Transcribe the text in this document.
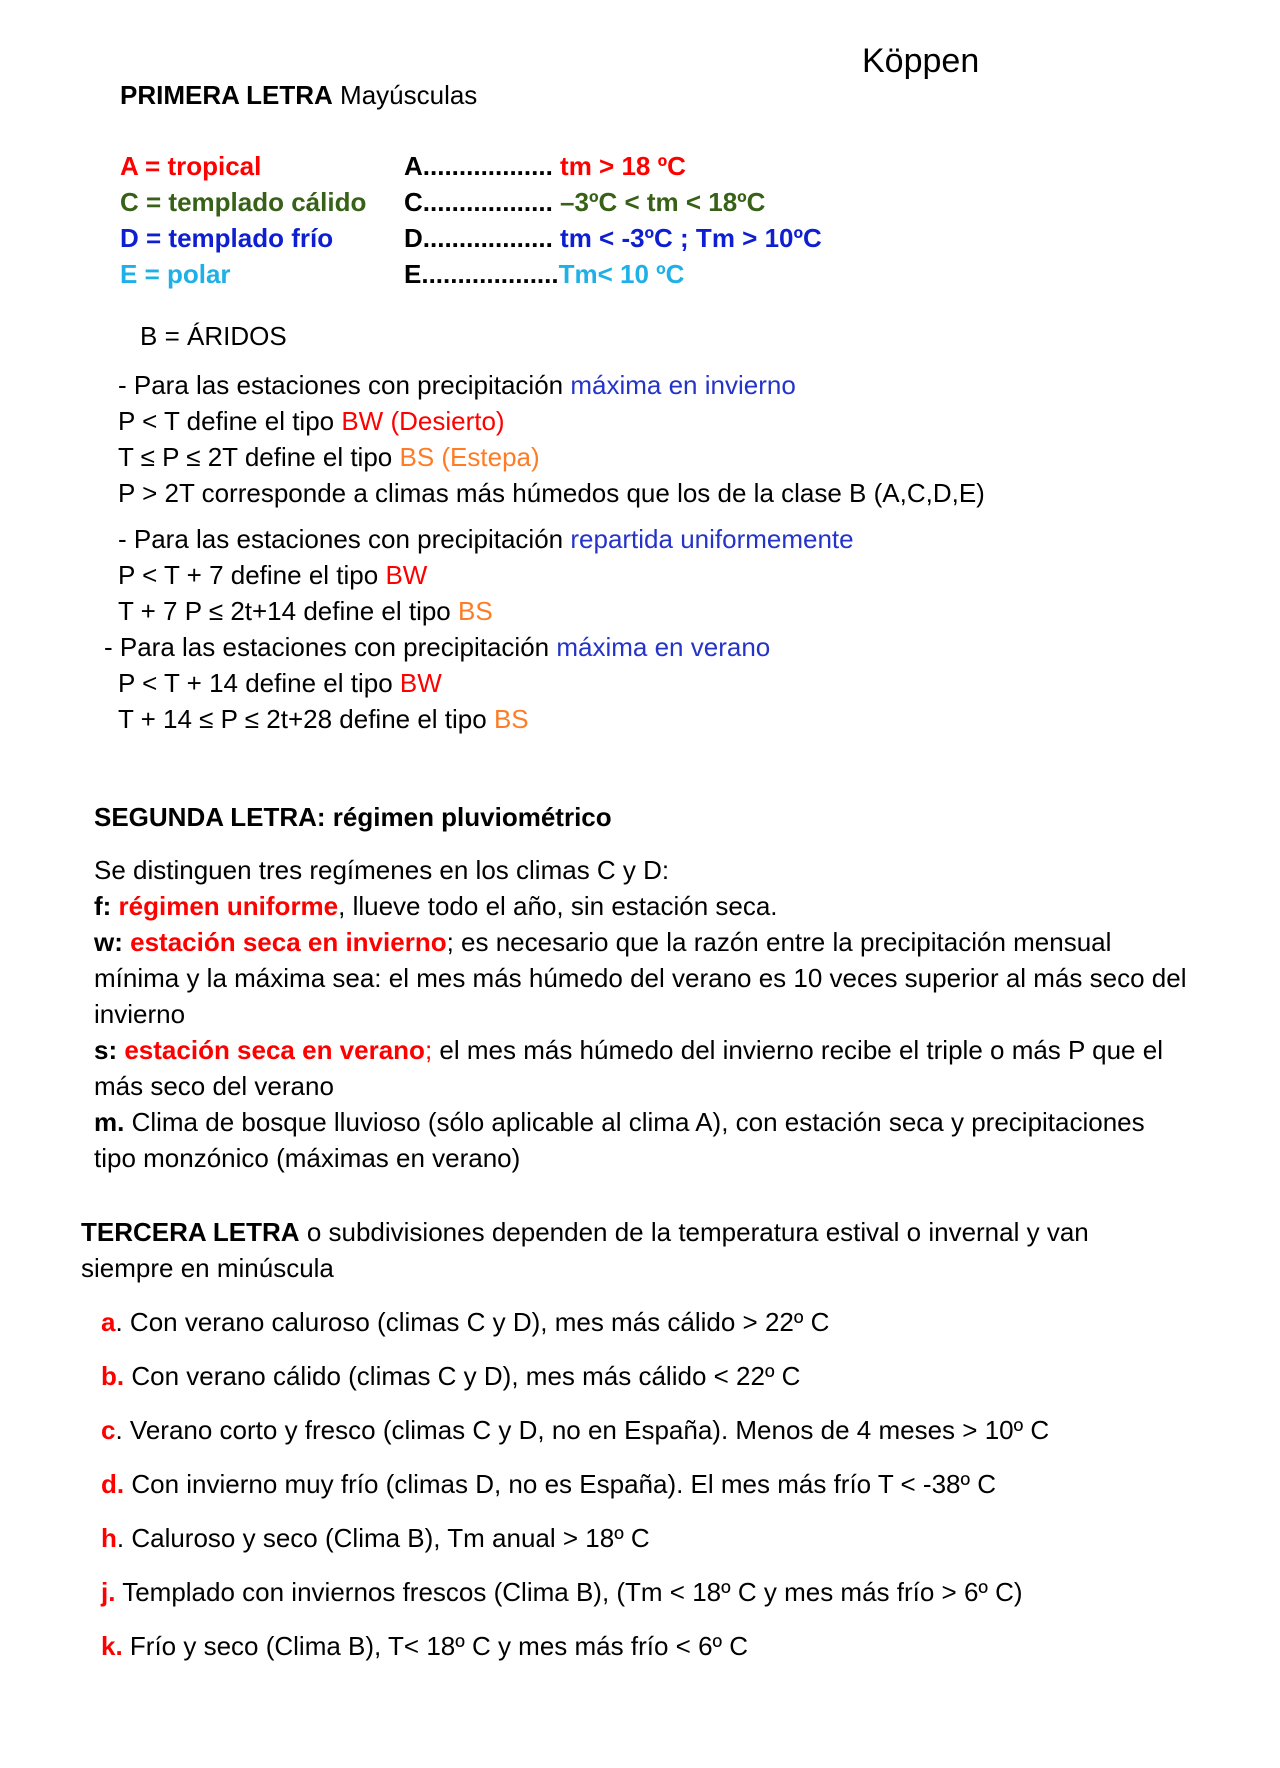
Köppen
PRIMERA LETRA Mayúsculas
A = tropical
C = templado cálido
D = templado frío
E = polar
A.................. tm > 18 ºC
C.................. –3ºC < tm < 18ºC
D.................. tm < -3ºC ; Tm > 10ºC
E...................Tm< 10 ºC
B = ÁRIDOS
- Para las estaciones con precipitación máxima en invierno
P < T define el tipo BW (Desierto)
T ≤ P ≤ 2T define el tipo BS (Estepa)
P > 2T corresponde a climas más húmedos que los de la clase B (A,C,D,E)
- Para las estaciones con precipitación repartida uniformemente
P < T + 7 define el tipo BW
T + 7 P ≤ 2t+14 define el tipo BS
- Para las estaciones con precipitación máxima en verano
P < T + 14 define el tipo BW
T + 14 ≤ P ≤ 2t+28 define el tipo BS
SEGUNDA LETRA: régimen pluviométrico
Se distinguen tres regímenes en los climas C y D:
f: régimen uniforme, llueve todo el año, sin estación seca.
w: estación seca en invierno; es necesario que la razón entre la precipitación mensual
mínima y la máxima sea: el mes más húmedo del verano es 10 veces superior al más seco del
invierno
s: estación seca en verano; el mes más húmedo del invierno recibe el triple o más P que el
más seco del verano
m. Clima de bosque lluvioso (sólo aplicable al clima A), con estación seca y precipitaciones
tipo monzónico (máximas en verano)
TERCERA LETRA o subdivisiones dependen de la temperatura estival o invernal y van
siempre en minúscula
a. Con verano caluroso (climas C y D), mes más cálido > 22º C
b. Con verano cálido (climas C y D), mes más cálido < 22º C
c. Verano corto y fresco (climas C y D, no en España). Menos de 4 meses > 10º C
d. Con invierno muy frío (climas D, no es España). El mes más frío T < -38º C
h. Caluroso y seco (Clima B), Tm anual > 18º C
j. Templado con inviernos frescos (Clima B), (Tm < 18º C y mes más frío > 6º C)
k. Frío y seco (Clima B), T< 18º C y mes más frío < 6º C
